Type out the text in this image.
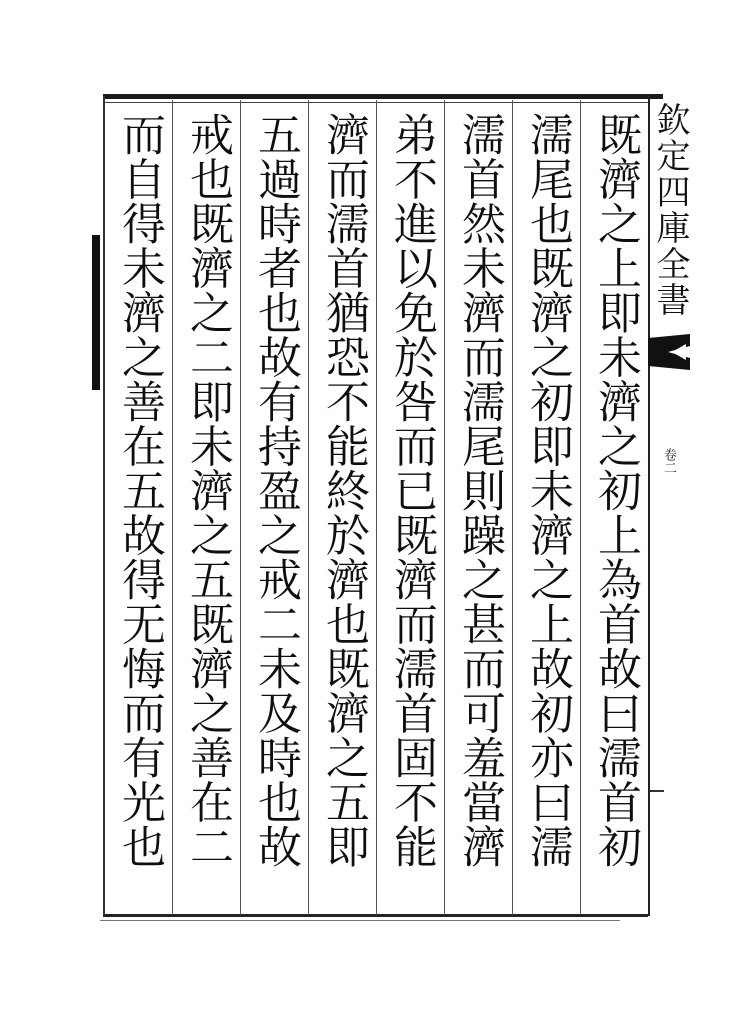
欽定四庫全書
卷二
既濟之上即未濟之初上為首故曰濡首初
濡尾也既濟之初即未濟之上故初亦曰濡
濡首然未濟而濡尾則躁之甚而可羞當濟
弟不進以免於咎而已既濟而濡首固不能
濟而濡首猶恐不能終於濟也既濟之五即
五過時者也故有持盈之戒二未及時也故
戒也既濟之二即未濟之五既濟之善在二
而自得未濟之善在五故得无悔而有光也
